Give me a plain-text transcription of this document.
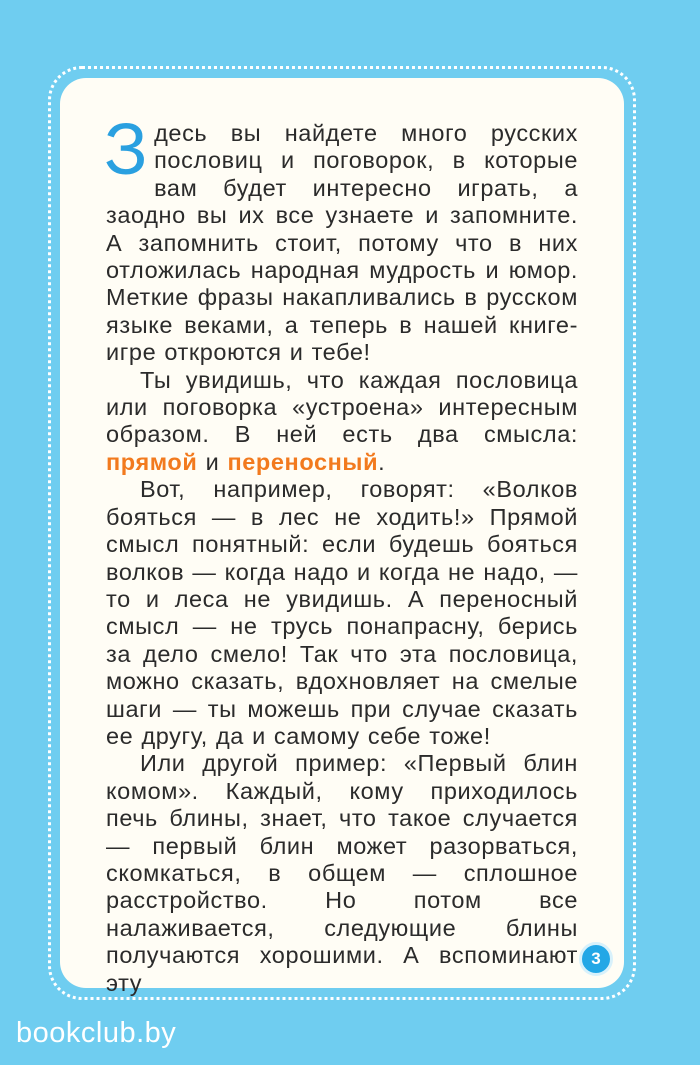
Здесь вы найдете много русских пословиц и поговорок, в которые вам будет интересно играть, а заодно вы их все узнаете и запомните. А запомнить стоит, потому что в них отложилась народная мудрость и юмор. Меткие фразы накапливались в русском языке веками, а теперь в нашей книге-игре откроются и тебе!

Ты увидишь, что каждая пословица или поговорка «устроена» интересным образом. В ней есть два смысла: прямой и переносный.

Вот, например, говорят: «Волков бояться — в лес не ходить!» Прямой смысл понятный: если будешь бояться волков — когда надо и когда не надо, — то и леса не увидишь. А переносный смысл — не трусь понапрасну, берись за дело смело! Так что эта пословица, можно сказать, вдохновляет на смелые шаги — ты можешь при случае сказать ее другу, да и самому себе тоже!

Или другой пример: «Первый блин комом». Каждый, кому приходилось печь блины, знает, что такое случается — первый блин может разорваться, скомкаться, в общем — сплошное расстройство. Но потом все налаживается, следующие блины получаются хорошими. А вспоминают эту

3
bookclub.by
